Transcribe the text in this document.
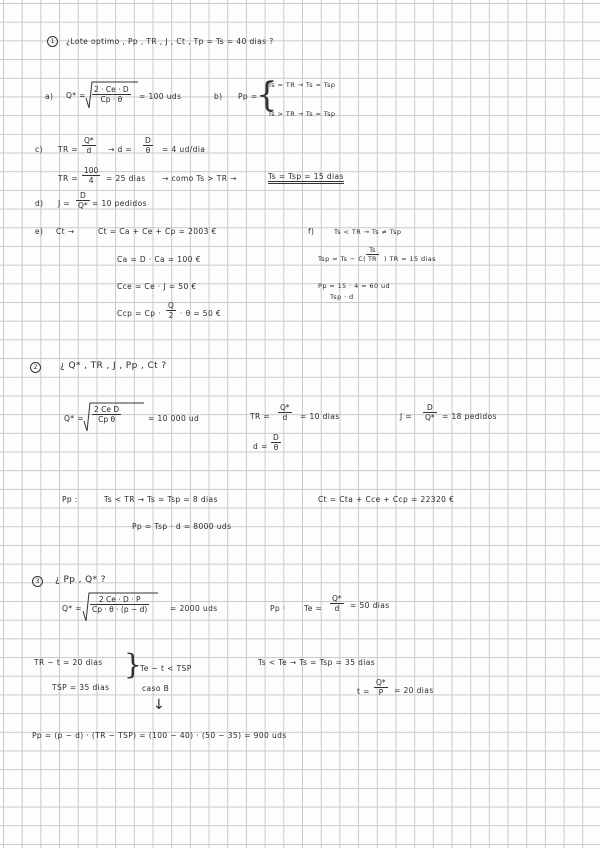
1	¿Lote optimo , Pp , TR , J , Ct , Tp = Ts = 40 dias ?
a) $Q* = \frac{2 \cdot Ce \cdot D}{Cp \cdot \theta} = 100$ uds	b) Pp =
{
Ts = TR → Ts = Tsp
Ts > TR → Ts = Tsp
c) TR = $\frac{Q*}{d} \to d = \frac{D}{\theta} = 4$ ud/dia
TR = $\frac{100}{4} = 25$ dias → como Ts > TR →	Ts = Tsp = 15 dias
d) $J = \frac{D}{Q*} = 10$ pedidos
e) Ct →	Ct = Ca + Ce + Cp = 2003 €
Ca = D · Ca = 100 €
Cce = Ce · J = 50 €
Ccp = $Cp \cdot \frac{Q}{2} \cdot \theta = 50$ €
f)	Ts < TR → Ts ≠ Tsp
Tsp = $Ts - C( \frac{Ts}{TR}$ ) TR = 15 dias
Pp = 15 · 4 = 60 ud
Tsp · d
2	¿ Q* , TR , J , Pp , Ct ?
$Q* = \frac{\text{2 Ce D}}{\text{Cp θ}}$	= 10 000 ud	TR = $\frac{Q*}{d} = 10$ dias	$J = \frac{D}{Q*} = 18$ pedidos
$d = \frac{D}{\theta}$
Pp :	Ts < TR → Ts = Tsp = 8 dias
Pp = Tsp · d = 8000 uds
Ct = Cta + Cce + Ccp = 22320 €
3	¿ Pp , Q* ?
$Q* = \frac{2 Ce \cdot D \cdot P}{Cp \cdot \theta \cdot (p - d)}$	= 2000 uds	$Pp \cdot Te = \frac{Q*}{d} = 50$ dias
TR − t = 20 dias
TSP = 35 dias
}
Te − t < TSP
caso B
↓
Ts < Te → Ts = Tsp = 35 dias
$t = \frac{Q*}{P} = 20$ dias
Pp = (p − d) · (TR − TSP) = (100 − 40) · (50 − 35) = 900 uds
